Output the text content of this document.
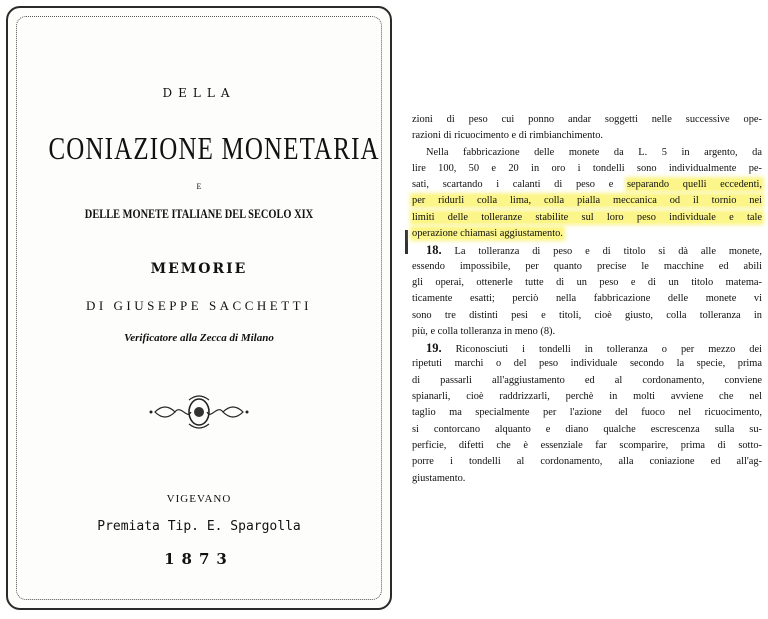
DELLA
CONIAZIONE MONETARIA
E
DELLE MONETE ITALIANE DEL SECOLO XIX
MEMORIE
DI GIUSEPPE SACCHETTI
Verificatore alla Zecca di Milano
VIGEVANO
Premiata Tip. E. Spargolla
1873
zioni di peso cui ponno andar soggetti nelle successive ope-
razioni di ricuocimento e di rimbianchimento.
Nella fabbricazione delle monete da L. 5 in argento, da
lire 100, 50 e 20 in oro i tondelli sono individualmente pe-
sati, scartando i calanti di peso e separando quelli eccedenti,
per ridurli colla lima, colla pialla meccanica od il tornio nei
limiti delle tolleranze stabilite sul loro peso individuale e tale
operazione chiamasi aggiustamento.
18. La tolleranza di peso e di titolo si dà alle monete,
essendo impossibile, per quanto precise le macchine ed abili
gli operai, ottenerle tutte di un peso e di un titolo matema-
ticamente esatti; perciò nella fabbricazione delle monete vi
sono tre distinti pesi e titoli, cioè giusto, colla tolleranza in
più, e colla tolleranza in meno (8).
19. Riconosciuti i tondelli in tolleranza o per mezzo dei
ripetuti marchi o del peso individuale secondo la specie, prima
di passarli all'aggiustamento ed al cordonamento, conviene
spianarli, cioè raddrizzarli, perchè in molti avviene che nel
taglio ma specialmente per l'azione del fuoco nel ricuocimento,
si contorcano alquanto e diano qualche escrescenza sulla su-
perficie, difetti che è essenziale far scomparire, prima di sotto-
porre i tondelli al cordonamento, alla coniazione ed all'ag-
giustamento.
